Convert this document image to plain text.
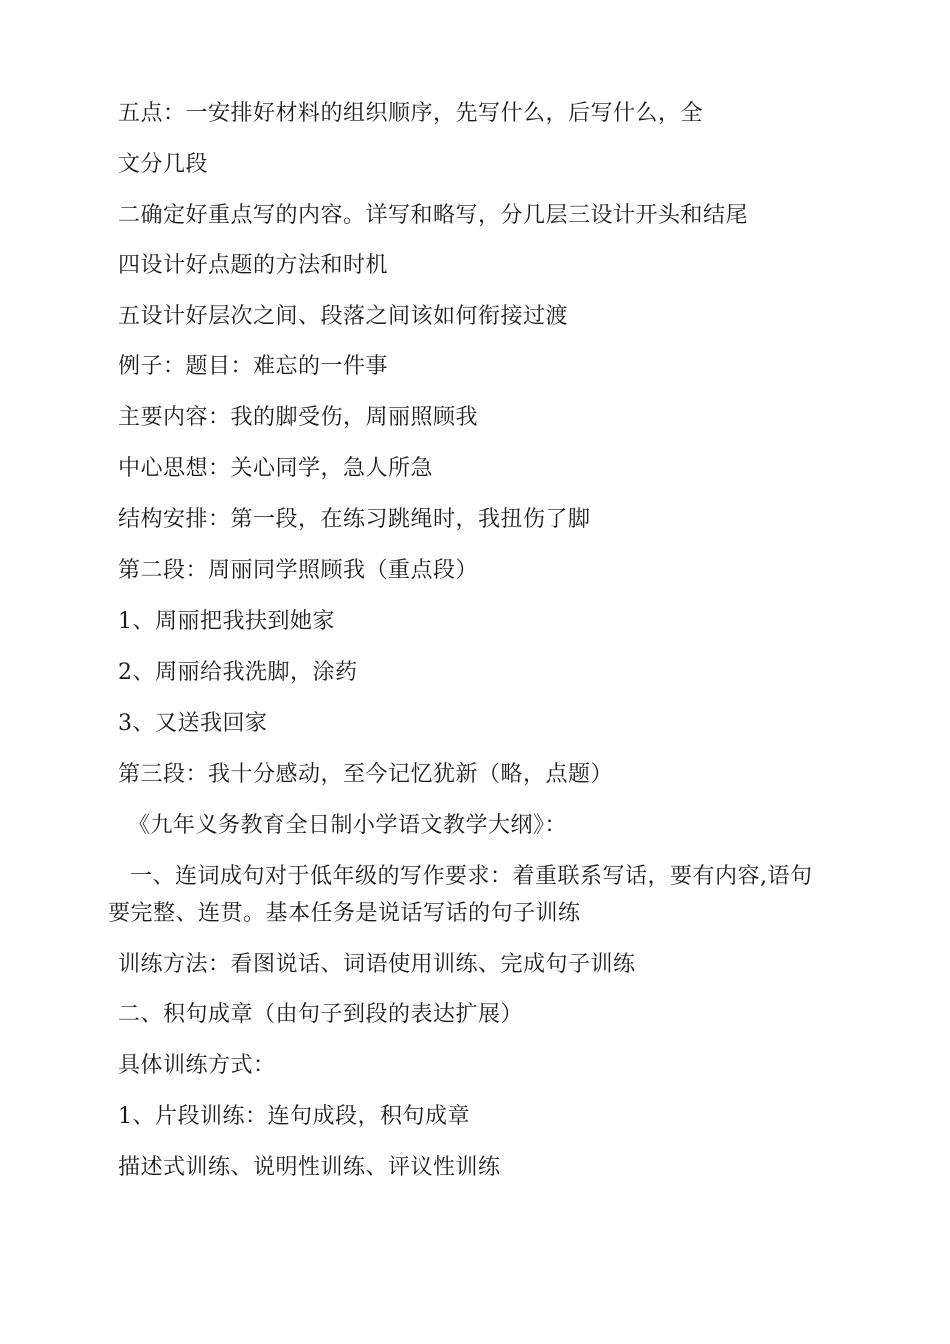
五点：一安排好材料的组织顺序，先写什么，后写什么，全
文分几段
二确定好重点写的内容。详写和略写，分几层三设计开头和结尾
四设计好点题的方法和时机
五设计好层次之间、段落之间该如何衔接过渡
例子：题目：难忘的一件事
主要内容：我的脚受伤，周丽照顾我
中心思想：关心同学，急人所急
结构安排：第一段，在练习跳绳时，我扭伤了脚
第二段：周丽同学照顾我（重点段）
1、周丽把我扶到她家
2、周丽给我洗脚，涂药
3、又送我回家
第三段：我十分感动，至今记忆犹新（略，点题）
《九年义务教育全日制小学语文教学大纲》：
一、连词成句对于低年级的写作要求：着重联系写话，要有内容,语句
要完整、连贯。基本任务是说话写话的句子训练
训练方法：看图说话、词语使用训练、完成句子训练
二、积句成章（由句子到段的表达扩展）
具体训练方式：
1、片段训练：连句成段，积句成章
描述式训练、说明性训练、评议性训练
